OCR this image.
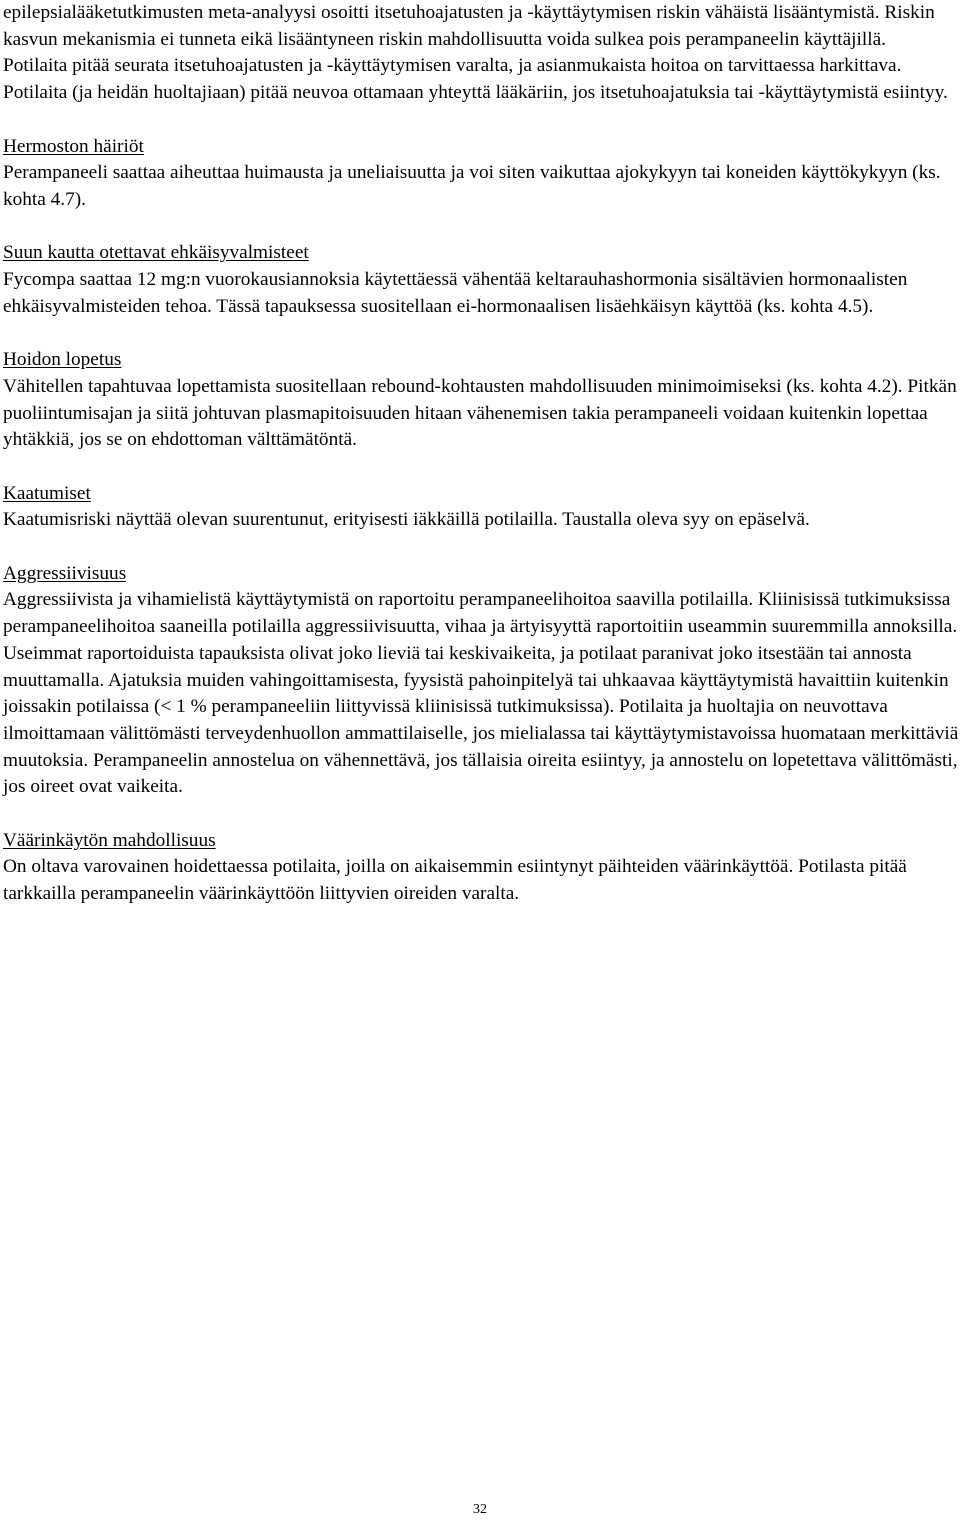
epilepsialääketutkimusten meta-analyysi osoitti itsetuhoajatusten ja -käyttäytymisen riskin vähäistä lisääntymistä. Riskin kasvun mekanismia ei tunneta eikä lisääntyneen riskin mahdollisuutta voida sulkea pois perampaneelin käyttäjillä.

Potilaita pitää seurata itsetuhoajatusten ja -käyttäytymisen varalta, ja asianmukaista hoitoa on tarvittaessa harkittava. Potilaita (ja heidän huoltajiaan) pitää neuvoa ottamaan yhteyttä lääkäriin, jos itsetuhoajatuksia tai -käyttäytymistä esiintyy.

Hermoston häiriöt

Perampaneeli saattaa aiheuttaa huimausta ja uneliaisuutta ja voi siten vaikuttaa ajokykyyn tai koneiden käyttökykyyn (ks. kohta 4.7).

Suun kautta otettavat ehkäisyvalmisteet

Fycompa saattaa 12 mg:n vuorokausiannoksia käytettäessä vähentää keltarauhashormonia sisältävien hormonaalisten ehkäisyvalmisteiden tehoa. Tässä tapauksessa suositellaan ei-hormonaalisen lisäehkäisyn käyttöä (ks. kohta 4.5).

Hoidon lopetus

Vähitellen tapahtuvaa lopettamista suositellaan rebound-kohtausten mahdollisuuden minimoimiseksi (ks. kohta 4.2). Pitkän puoliintumisajan ja siitä johtuvan plasmapitoisuuden hitaan vähenemisen takia perampaneeli voidaan kuitenkin lopettaa yhtäkkiä, jos se on ehdottoman välttämätöntä.

Kaatumiset

Kaatumisriski näyttää olevan suurentunut, erityisesti iäkkäillä potilailla. Taustalla oleva syy on epäselvä.

Aggressiivisuus

Aggressiivista ja vihamielistä käyttäytymistä on raportoitu perampaneelihoitoa saavilla potilailla. Kliinisissä tutkimuksissa perampaneelihoitoa saaneilla potilailla aggressiivisuutta, vihaa ja ärtyisyyttä raportoitiin useammin suuremmilla annoksilla. Useimmat raportoiduista tapauksista olivat joko lieviä tai keskivaikeita, ja potilaat paranivat joko itsestään tai annosta muuttamalla. Ajatuksia muiden vahingoittamisesta, fyysistä pahoinpitelyä tai uhkaavaa käyttäytymistä havaittiin kuitenkin joissakin potilaissa (< 1 % perampaneeliin liittyvissä kliinisissä tutkimuksissa). Potilaita ja huoltajia on neuvottava ilmoittamaan välittömästi terveydenhuollon ammattilaiselle, jos mielialassa tai käyttäytymistavoissa huomataan merkittäviä muutoksia. Perampaneelin annostelua on vähennettävä, jos tällaisia oireita esiintyy, ja annostelu on lopetettava välittömästi, jos oireet ovat vaikeita.

Väärinkäytön mahdollisuus

On oltava varovainen hoidettaessa potilaita, joilla on aikaisemmin esiintynyt päihteiden väärinkäyttöä. Potilasta pitää tarkkailla perampaneelin väärinkäyttöön liittyvien oireiden varalta.

32
